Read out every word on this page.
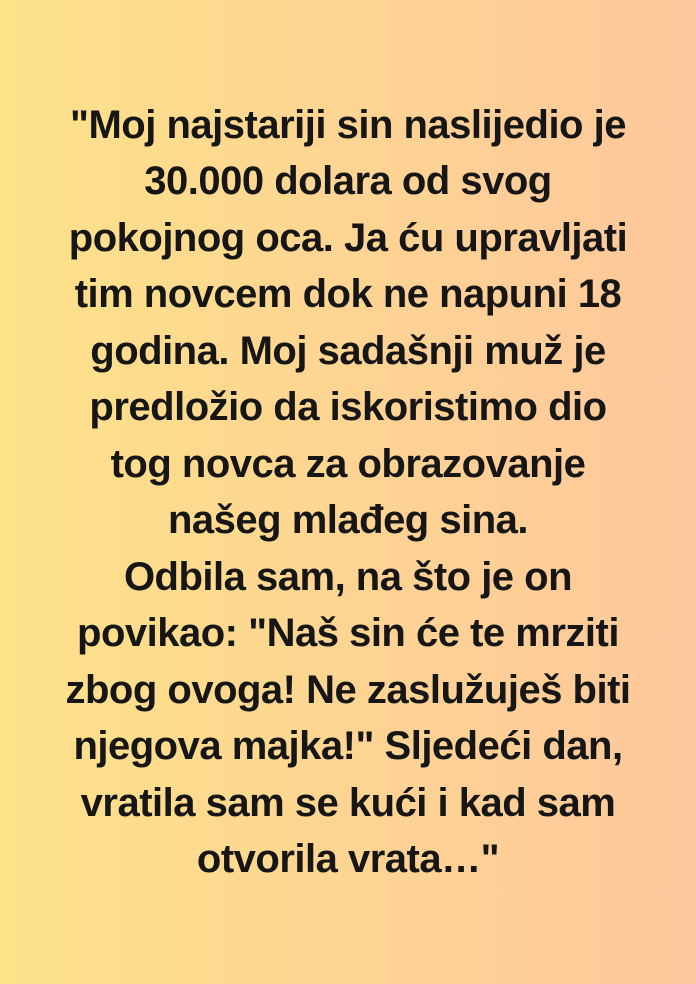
"Moj najstariji sin naslijedio je
30.000 dolara od svog
pokojnog oca. Ja ću upravljati
tim novcem dok ne napuni 18
godina. Moj sadašnji muž je
predložio da iskoristimo dio
tog novca za obrazovanje
našeg mlađeg sina.
Odbila sam, na što je on
povikao: "Naš sin će te mrziti
zbog ovoga! Ne zaslužuješ biti
njegova majka!" Sljedeći dan,
vratila sam se kući i kad sam
otvorila vrata…"
